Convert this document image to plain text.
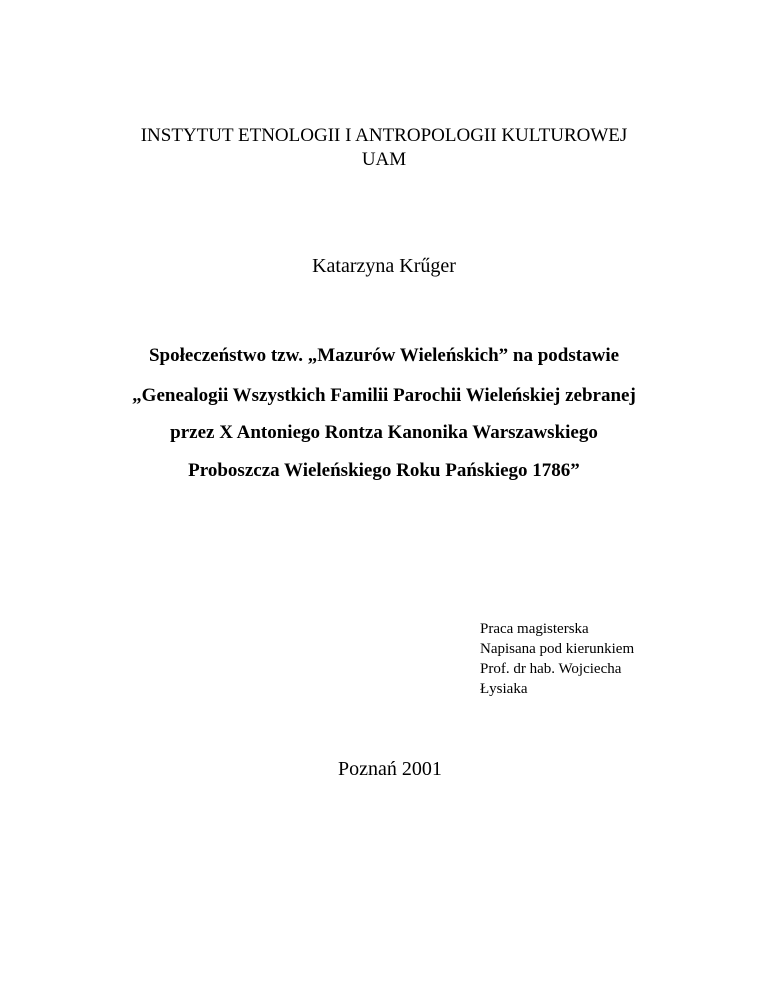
INSTYTUT ETNOLOGII I ANTROPOLOGII KULTUROWEJ
UAM
Katarzyna Krűger
Społeczeństwo tzw. „Mazurów Wieleńskich” na podstawie
„Genealogii Wszystkich Familii Parochii Wieleńskiej zebranej
przez X Antoniego Rontza Kanonika Warszawskiego
Proboszcza Wieleńskiego Roku Pańskiego 1786”
Praca magisterska
Napisana pod kierunkiem
Prof. dr hab. Wojciecha
Łysiaka
Poznań 2001
